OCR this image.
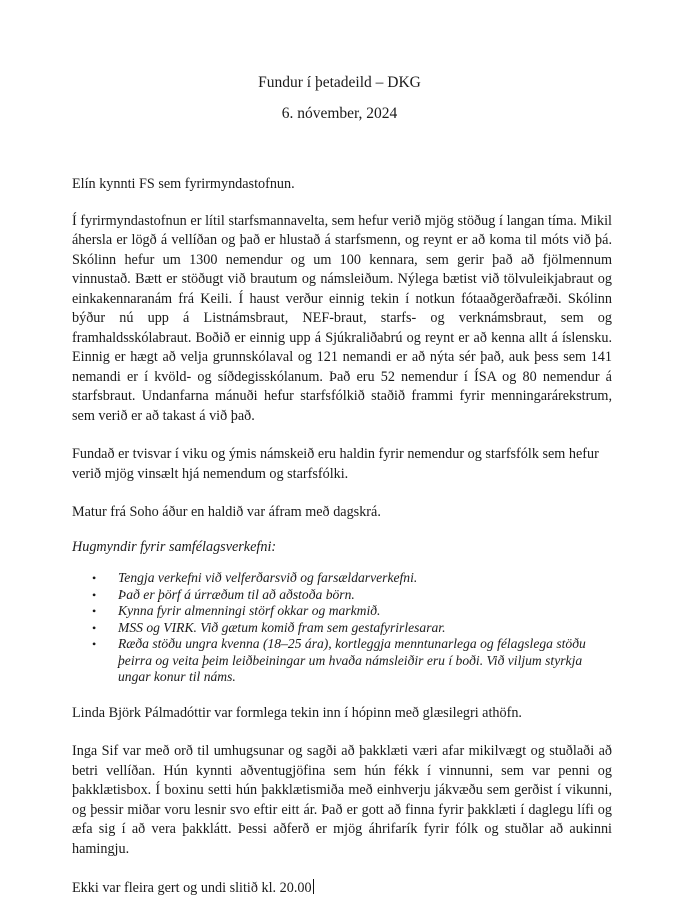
Fundur í þetadeild – DKG

6. nóvember, 2024

Elín kynnti FS sem fyrirmyndastofnun.

Í fyrirmyndastofnun er lítil starfsmannavelta, sem hefur verið mjög stöðug í langan tíma. Mikil áhersla er lögð á vellíðan og það er hlustað á starfsmenn, og reynt er að koma til móts við þá. Skólinn hefur um 1300 nemendur og um 100 kennara, sem gerir það að fjölmennum vinnustað. Bætt er stöðugt við brautum og námsleiðum. Nýlega bætist við tölvuleikjabraut og einkakennaranám frá Keili. Í haust verður einnig tekin í notkun fótaaðgerðafræði. Skólinn býður nú upp á Listnámsbraut, NEF-braut, starfs- og verknámsbraut, sem og framhaldsskólabraut. Boðið er einnig upp á Sjúkraliðabrú og reynt er að kenna allt á íslensku. Einnig er hægt að velja grunnskólaval og 121 nemandi er að nýta sér það, auk þess sem 141 nemandi er í kvöld- og síðdegisskólanum. Það eru 52 nemendur í ÍSA og 80 nemendur á starfsbraut. Undanfarna mánuði hefur starfsfólkið staðið frammi fyrir menningarárekstrum, sem verið er að takast á við það.

Fundað er tvisvar í viku og ýmis námskeið eru haldin fyrir nemendur og starfsfólk sem hefur verið mjög vinsælt hjá nemendum og starfsfólki.

Matur frá Soho áður en haldið var áfram með dagskrá.

Hugmyndir fyrir samfélagsverkefni:

• Tengja verkefni við velferðarsvið og farsældarverkefni.
• Það er þörf á úrræðum til að aðstoða börn.
• Kynna fyrir almenningi störf okkar og markmið.
• MSS og VIRK. Við gætum komið fram sem gestafyrirlesarar.
• Ræða stöðu ungra kvenna (18–25 ára), kortleggja menntunarlega og félagslega stöðu þeirra og veita þeim leiðbeiningar um hvaða námsleiðir eru í boði. Við viljum styrkja ungar konur til náms.

Linda Björk Pálmadóttir var formlega tekin inn í hópinn með glæsilegri athöfn.

Inga Sif var með orð til umhugsunar og sagði að þakklæti væri afar mikilvægt og stuðlaði að betri vellíðan. Hún kynnti aðventugjöfina sem hún fékk í vinnunni, sem var penni og þakklætisbox. Í boxinu setti hún þakklætismiða með einhverju jákvæðu sem gerðist í vikunni, og þessir miðar voru lesnir svo eftir eitt ár. Það er gott að finna fyrir þakklæti í daglegu lífi og æfa sig í að vera þakklátt. Þessi aðferð er mjög áhrifarík fyrir fólk og stuðlar að aukinni hamingju.

Ekki var fleira gert og undi slitið kl. 20.00
